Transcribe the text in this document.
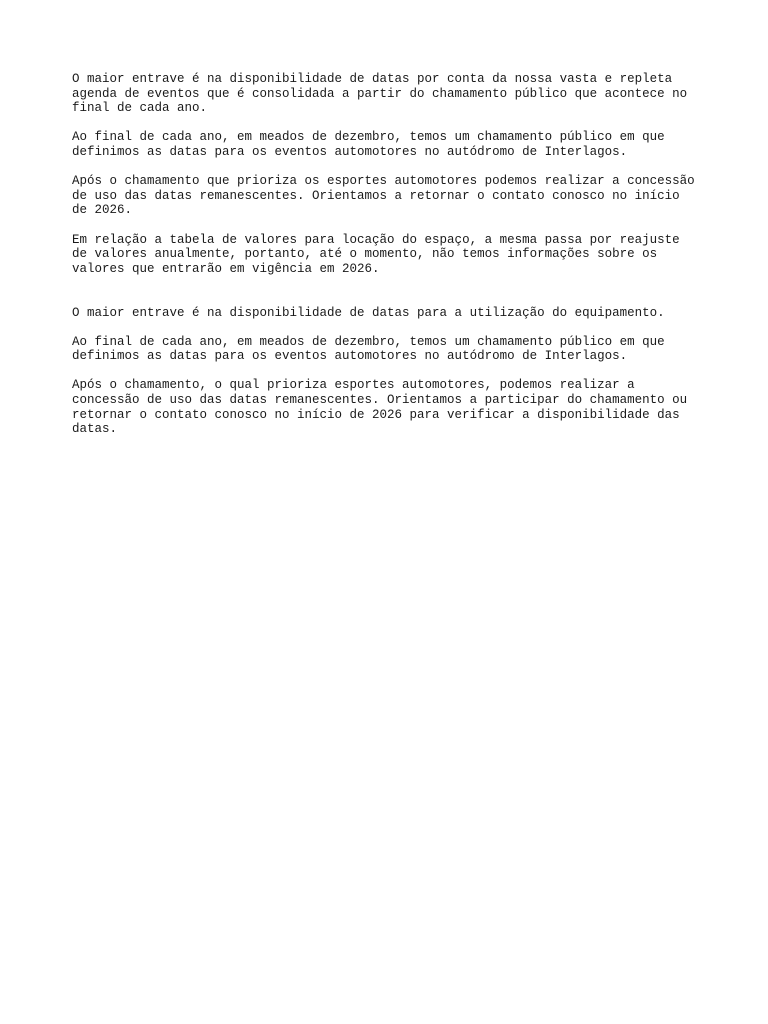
O maior entrave é na disponibilidade de datas por conta da nossa vasta e repleta
agenda de eventos que é consolidada a partir do chamamento público que acontece no
final de cada ano.

Ao final de cada ano, em meados de dezembro, temos um chamamento público em que
definimos as datas para os eventos automotores no autódromo de Interlagos.

Após o chamamento que prioriza os esportes automotores podemos realizar a concessão
de uso das datas remanescentes. Orientamos a retornar o contato conosco no início
de 2026.

Em relação a tabela de valores para locação do espaço, a mesma passa por reajuste
de valores anualmente, portanto, até o momento, não temos informações sobre os
valores que entrarão em vigência em 2026.

O maior entrave é na disponibilidade de datas para a utilização do equipamento.

Ao final de cada ano, em meados de dezembro, temos um chamamento público em que
definimos as datas para os eventos automotores no autódromo de Interlagos.

Após o chamamento, o qual prioriza esportes automotores, podemos realizar a
concessão de uso das datas remanescentes. Orientamos a participar do chamamento ou
retornar o contato conosco no início de 2026 para verificar a disponibilidade das
datas.
